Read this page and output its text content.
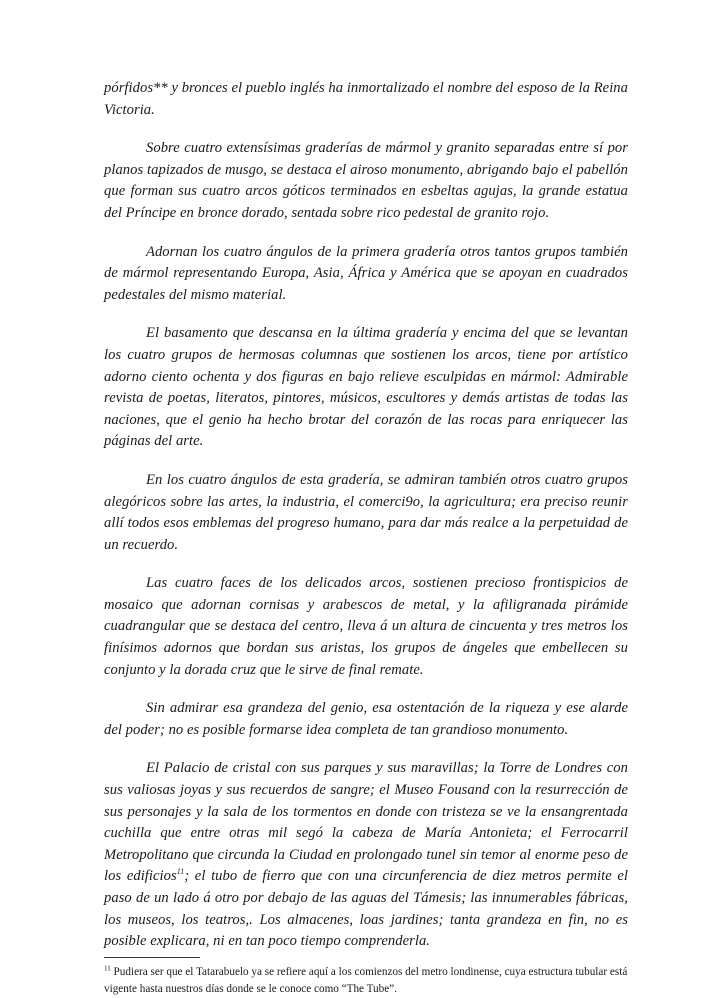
pórfidos** y bronces el pueblo inglés ha inmortalizado el nombre del esposo de la Reina Victoria.

Sobre cuatro extensísimas graderías de mármol y granito separadas entre sí por planos tapizados de musgo, se destaca el airoso monumento, abrigando bajo el pabellón que forman sus cuatro arcos góticos terminados en esbeltas agujas, la grande estatua del Príncipe en bronce dorado, sentada sobre rico pedestal de granito rojo.

Adornan los cuatro ángulos de la primera gradería otros tantos grupos también de mármol representando Europa, Asia, África y América que se apoyan en cuadrados pedestales del mismo material.

El basamento que descansa en la última gradería y encima del que se levantan los cuatro grupos de hermosas columnas que sostienen los arcos, tiene por artístico adorno ciento ochenta y dos figuras en bajo relieve esculpidas en mármol: Admirable revista de poetas, literatos, pintores, músicos, escultores y demás artistas de todas las naciones, que el genio ha hecho brotar del corazón de las rocas para enriquecer las páginas del arte.

En los cuatro ángulos de esta gradería, se admiran también otros cuatro grupos alegóricos sobre las artes, la industria, el comerci9o, la agricultura; era preciso reunir allí todos esos emblemas del progreso humano, para dar más realce a la perpetuidad de un recuerdo.

Las cuatro faces de los delicados arcos, sostienen precioso frontispicios de mosaico que adornan cornisas y arabescos de metal, y la afiligranada pirámide cuadrangular que se destaca del centro, lleva á un altura de cincuenta y tres metros los finísimos adornos que bordan sus aristas, los grupos de ángeles que embellecen su conjunto y la dorada cruz que le sirve de final remate.

Sin admirar esa grandeza del genio, esa ostentación de la riqueza y ese alarde del poder; no es posible formarse idea completa de tan grandioso monumento.

El Palacio de cristal con sus parques y sus maravillas; la Torre de Londres con sus valiosas joyas y sus recuerdos de sangre; el Museo Fousand con la resurrección de sus personajes y la sala de los tormentos en donde con tristeza se ve la ensangrentada cuchilla que entre otras mil segó la cabeza de María Antonieta; el Ferrocarril Metropolitano que circunda la Ciudad en prolongado tunel sin temor al enorme peso de los edificios$^{11}$; el tubo de fierro que con una circunferencia de diez metros permite el paso de un lado á otro por debajo de las aguas del Támesis; las innumerables fábricas, los museos, los teatros,. Los almacenes, loas jardines; tanta grandeza en fin, no es posible explicara, ni en tan poco tiempo comprenderla.

$^{11}$ Pudiera ser que el Tatarabuelo ya se refiere aquí a los comienzos del metro londinense, cuya estructura tubular está vigente hasta nuestros días donde se le conoce como “The Tube”.
